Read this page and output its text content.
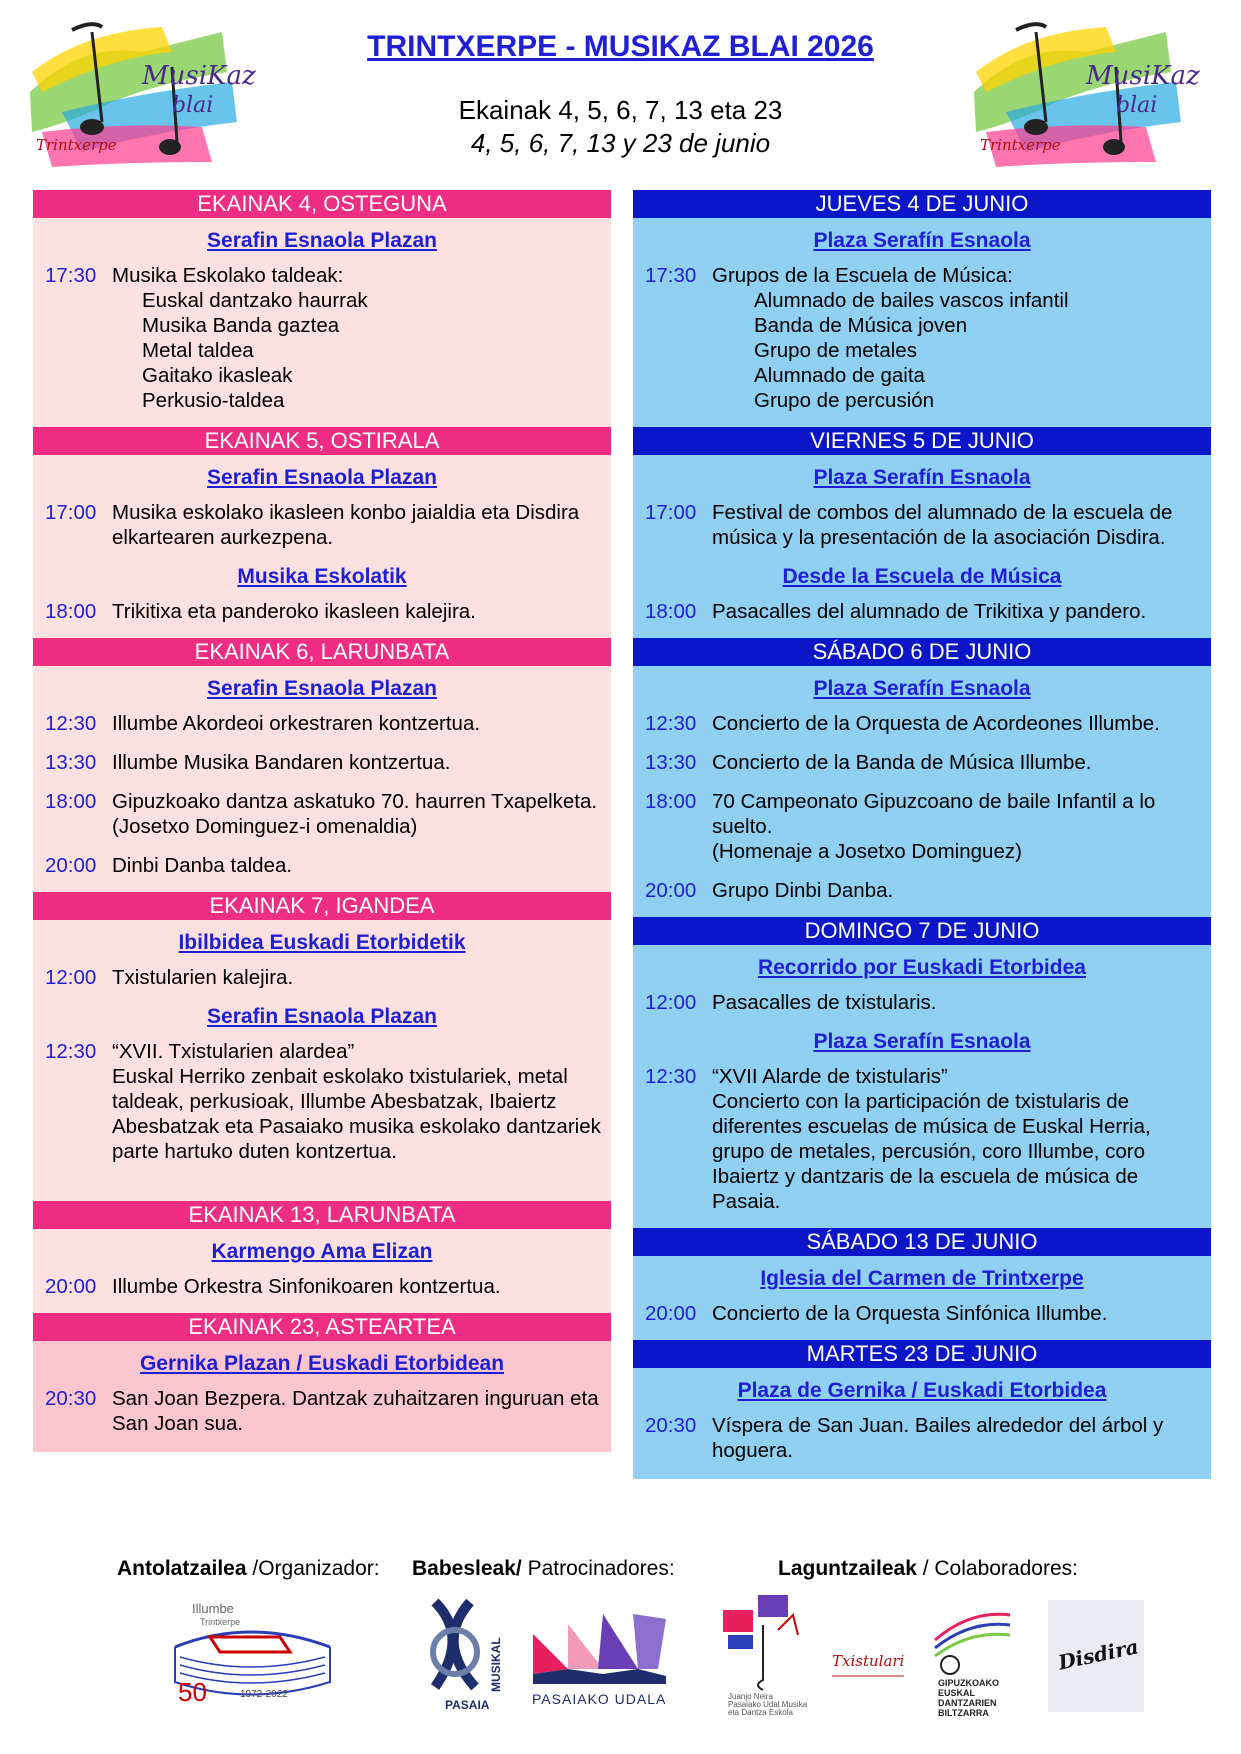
MusiKaz
blai
Trintxerpe
MusiKaz
blai
Trintxerpe
TRINTXERPE - MUSIKAZ BLAI 2026
Ekainak 4, 5, 6, 7, 13 eta 23
4, 5, 6, 7, 13 y 23 de junio
EKAINAK 4, OSTEGUNA
Serafin Esnaola Plazan
17:30 Musika Eskolako taldeak:
Euskal dantzako haurrak
Musika Banda gaztea
Metal taldea
Gaitako ikasleak
Perkusio-taldea
EKAINAK 5, OSTIRALA
Serafin Esnaola Plazan
17:00 Musika eskolako ikasleen konbo jaialdia eta Disdira elkartearen aurkezpena.
Musika Eskolatik
18:00 Trikitixa eta panderoko ikasleen kalejira.
EKAINAK 6, LARUNBATA
Serafin Esnaola Plazan
12:30 Illumbe Akordeoi orkestraren kontzertua.
13:30 Illumbe Musika Bandaren kontzertua.
18:00 Gipuzkoako dantza askatuko 70. haurren Txapelketa.
(Josetxo Dominguez-i omenaldia)
20:00 Dinbi Danba taldea.
EKAINAK 7, IGANDEA
Ibilbidea Euskadi Etorbidetik
12:00 Txistularien kalejira.
Serafin Esnaola Plazan
12:30 “XVII. Txistularien alardea”
Euskal Herriko zenbait eskolako txistulariek, metal taldeak, perkusioak, Illumbe Abesbatzak, Ibaiertz Abesbatzak eta Pasaiako musika eskolako dantzariek parte hartuko duten kontzertua.
EKAINAK 13, LARUNBATA
Karmengo Ama Elizan
20:00 Illumbe Orkestra Sinfonikoaren kontzertua.
EKAINAK 23, ASTEARTEA
Gernika Plazan / Euskadi Etorbidean
20:30 San Joan Bezpera. Dantzak zuhaitzaren inguruan eta San Joan sua.
JUEVES 4 DE JUNIO
Plaza Serafín Esnaola
17:30 Grupos de la Escuela de Música:
Alumnado de bailes vascos infantil
Banda de Música joven
Grupo de metales
Alumnado de gaita
Grupo de percusión
VIERNES 5 DE JUNIO
Plaza Serafín Esnaola
17:00 Festival de combos del alumnado de la escuela de música y la presentación de la asociación Disdira.
Desde la Escuela de Música
18:00 Pasacalles del alumnado de Trikitixa y pandero.
SÁBADO 6 DE JUNIO
Plaza Serafín Esnaola
12:30 Concierto de la Orquesta de Acordeones Illumbe.
13:30 Concierto de la Banda de Música Illumbe.
18:00 70 Campeonato Gipuzcoano de baile Infantil a lo suelto.
(Homenaje a Josetxo Dominguez)
20:00 Grupo Dinbi Danba.
DOMINGO 7 DE JUNIO
Recorrido por Euskadi Etorbidea
12:00 Pasacalles de txistularis.
Plaza Serafín Esnaola
12:30 “XVII Alarde de txistularis”
Concierto con la participación de txistularis de diferentes escuelas de música de Euskal Herria, grupo de metales, percusión, coro Illumbe, coro Ibaiertz y dantzaris de la escuela de música de Pasaia.
SÁBADO 13 DE JUNIO
Iglesia del Carmen de Trintxerpe
20:00 Concierto de la Orquesta Sinfónica Illumbe.
MARTES 23 DE JUNIO
Plaza de Gernika / Euskadi Etorbidea
20:30 Víspera de San Juan. Bailes alrededor del árbol y hoguera.
Antolatzailea /Organizador: Babesleak/ Patrocinadores:	Laguntzaileak / Colaboradores:
Illumbe
Trintxerpe
50	1972-2022
MUSIKAL
PASAIA	PASAIAKO UDALA	Juanjo Neira
Pasaiako Udal Musika
eta Dantza Eskola
Txistulari
GIPUZKOAKO
EUSKAL
DANTZARIEN
BILTZARRA
Disdira
